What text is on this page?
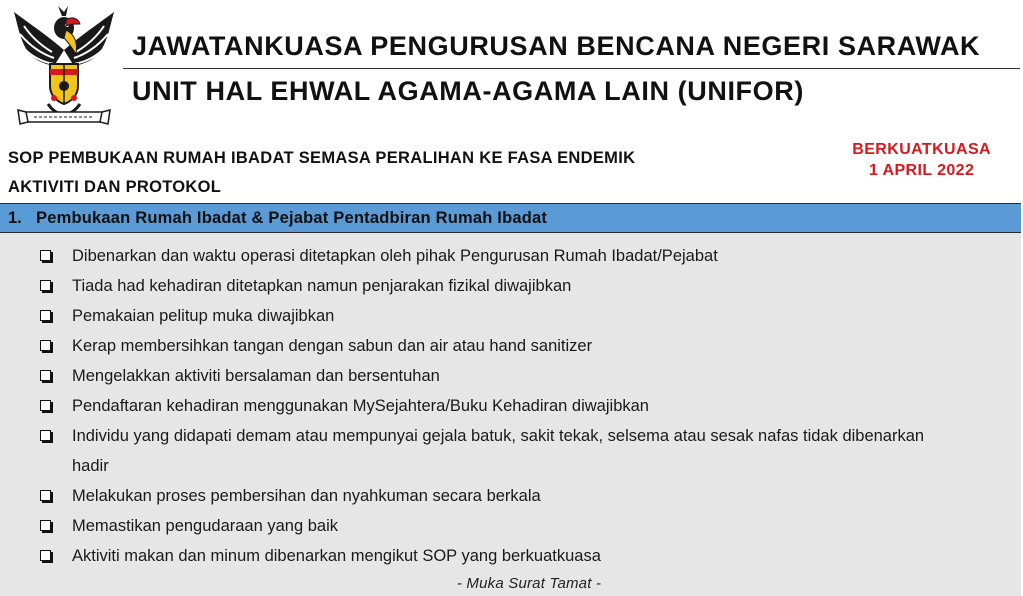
JAWATANKUASA PENGURUSAN BENCANA NEGERI SARAWAK
UNIT HAL EHWAL AGAMA-AGAMA LAIN (UNIFOR)
BERKUATKUASA
1 APRIL 2022
SOP PEMBUKAAN RUMAH IBADAT SEMASA PERALIHAN KE FASA ENDEMIK
AKTIVITI DAN PROTOKOL
1. Pembukaan Rumah Ibadat & Pejabat Pentadbiran Rumah Ibadat
Dibenarkan dan waktu operasi ditetapkan oleh pihak Pengurusan Rumah Ibadat/Pejabat
Tiada had kehadiran ditetapkan namun penjarakan fizikal diwajibkan
Pemakaian pelitup muka diwajibkan
Kerap membersihkan tangan dengan sabun dan air atau hand sanitizer
Mengelakkan aktiviti bersalaman dan bersentuhan
Pendaftaran kehadiran menggunakan MySejahtera/Buku Kehadiran diwajibkan
Individu yang didapati demam atau mempunyai gejala batuk, sakit tekak, selsema atau sesak nafas tidak dibenarkan hadir
Melakukan proses pembersihan dan nyahkuman secara berkala
Memastikan pengudaraan yang baik
Aktiviti makan dan minum dibenarkan mengikut SOP yang berkuatkuasa
- Muka Surat Tamat -
